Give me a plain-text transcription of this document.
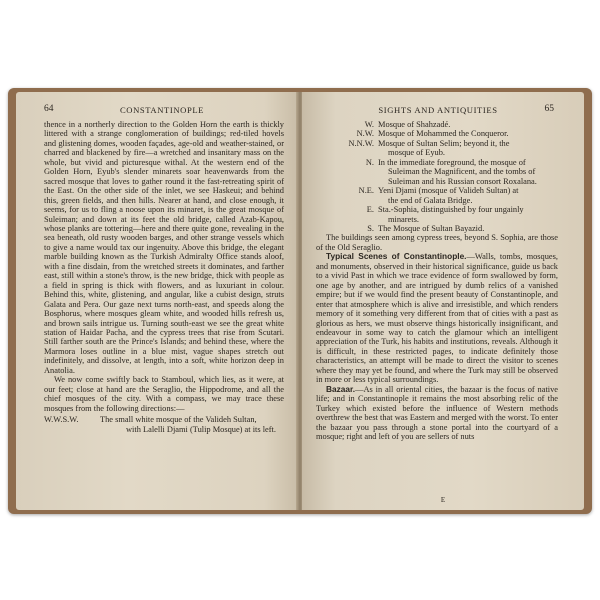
64	CONSTANTINOPLE

thence in a northerly direction to the Golden Horn the earth is thickly littered with a strange conglomeration of buildings; red-tiled hovels and glistening domes, wooden façades, age-old and weather-stained, or charred and blackened by fire—a wretched and insanitary mass on the whole, but vivid and picturesque withal. At the western end of the Golden Horn, Eyub's slender minarets soar heavenwards from the sacred mosque that loves to gather round it the fast-retreating spirit of the East. On the other side of the inlet, we see Haskeui; and behind this, green fields, and then hills. Nearer at hand, and close enough, it seems, for us to fling a noose upon its minaret, is the great mosque of Suleiman; and down at its feet the old bridge, called Azab-Kapou, whose planks are tottering—here and there quite gone, revealing in the sea beneath, old rusty wooden barges, and other strange vessels which to give a name would tax our ingenuity. Above this bridge, the elegant marble building known as the Turkish Admiralty Office stands aloof, with a fine disdain, from the wretched streets it dominates, and farther east, still within a stone's throw, is the new bridge, thick with people as a field in spring is thick with flowers, and as luxuriant in colour. Behind this, white, glistening, and angular, like a cubist design, struts Galata and Pera. Our gaze next turns north-east, and speeds along the Bosphorus, where mosques gleam white, and wooded hills refresh us, and brown sails intrigue us. Turning south-east we see the great white station of Haidar Pacha, and the cypress trees that rise from Scutari. Still farther south are the Prince's Islands; and behind these, where the Marmora loses outline in a blue mist, vague shapes stretch out indefinitely, and dissolve, at length, into a soft, white horizon deep in Anatolia.

We now come swiftly back to Stamboul, which lies, as it were, at our feet; close at hand are the Seraglio, the Hippodrome, and all the chief mosques of the city. With a compass, we may trace these mosques from the following directions:—

W.W.S.W.	The small white mosque of the Valideh Sultan,
with Lalelli Djami (Tulip Mosque) at its left.
SIGHTS AND ANTIQUITIES	65
W. Mosque of Shahzadé.
N.W. Mosque of Mohammed the Conqueror.
N.N.W. Mosque of Sultan Selim; beyond it, the
mosque of Eyub.
N. In the immediate foreground, the mosque of
Suleiman the Magnificent, and the tombs of Suleiman and his Russian consort Roxalana.
N.E. Yeni Djami (mosque of Valideh Sultan) at
the end of Galata Bridge.
E. Sta.-Sophia, distinguished by four ungainly
minarets.
S. The Mosque of Sultan Bayazid.

The buildings seen among cypress trees, beyond S. Sophia, are those of the Old Seraglio.

Typical Scenes of Constantinople.—Walls, tombs, mosques, and monuments, observed in their historical significance, guide us back to a vivid Past in which we trace evidence of form swallowed by form, one age by another, and are intrigued by dumb relics of a vanished empire; but if we would find the present beauty of Constantinople, and enter that atmosphere which is alive and irresistible, and which renders memory of it something very different from that of cities with a past as glorious as hers, we must observe things historically insignificant, and endeavour in some way to catch the glamour which an intelligent appreciation of the Turk, his habits and institutions, reveals. Although it is difficult, in these restricted pages, to indicate definitely those characteristics, an attempt will be made to direct the visitor to scenes where they may yet be found, and where the Turk may still be observed in more or less typical surroundings.

Bazaar.—As in all oriental cities, the bazaar is the focus of native life; and in Constantinople it remains the most absorbing relic of the Turkey which existed before the influence of Western methods overthrew the best that was Eastern and merged with the worst. To enter the bazaar you pass through a stone portal into the courtyard of a mosque; right and left of you are sellers of nuts

E
